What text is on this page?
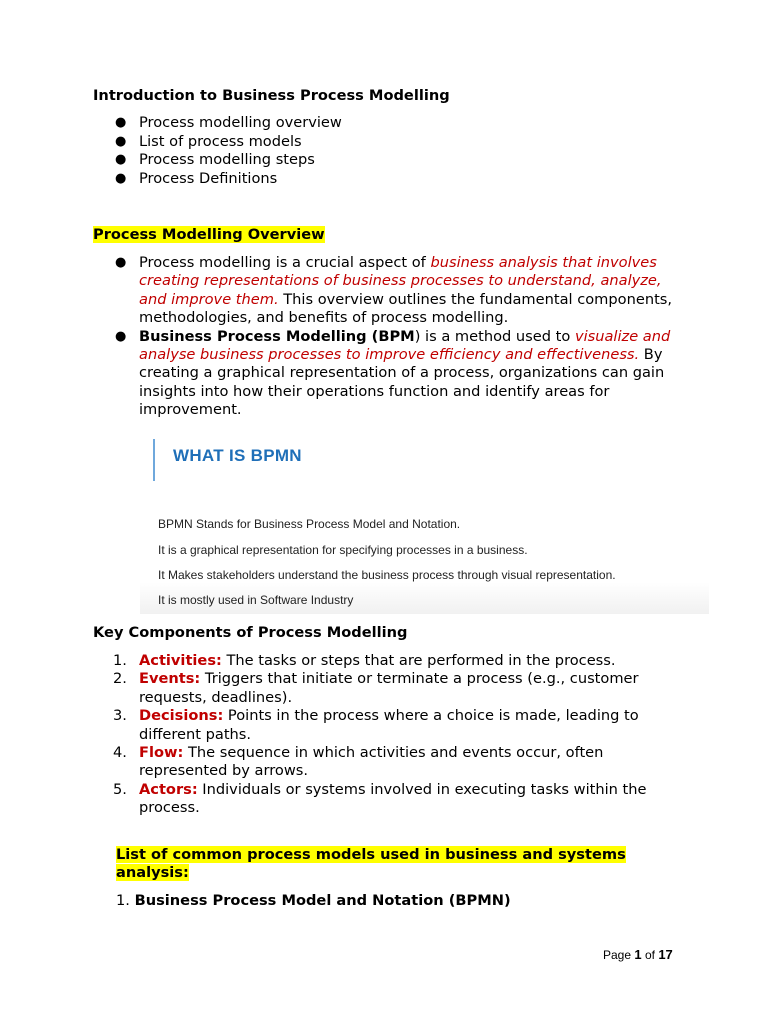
Introduction to Business Process Modelling
● Process modelling overview
● List of process models
● Process modelling steps
● Process Definitions

Process Modelling Overview

● Process modelling is a crucial aspect of business analysis that involves creating representations of business processes to understand, analyze, and improve them. This overview outlines the fundamental components, methodologies, and benefits of process modelling.
● Business Process Modelling (BPM) is a method used to visualize and analyse business processes to improve efficiency and effectiveness. By creating a graphical representation of a process, organizations can gain insights into how their operations function and identify areas for improvement.
WHAT IS BPMN
BPMN Stands for Business Process Model and Notation.
It is a graphical representation for specifying processes in a business.
It Makes stakeholders understand the business process through visual representation.
It is mostly used in Software Industry

Key Components of Process Modelling

1. Activities: The tasks or steps that are performed in the process.
2. Events: Triggers that initiate or terminate a process (e.g., customer requests, deadlines).
3. Decisions: Points in the process where a choice is made, leading to different paths.
4. Flow: The sequence in which activities and events occur, often represented by arrows.
5. Actors: Individuals or systems involved in executing tasks within the process.

List of common process models used in business and systems analysis:

1. Business Process Model and Notation (BPMN)

Page 1 of 17
